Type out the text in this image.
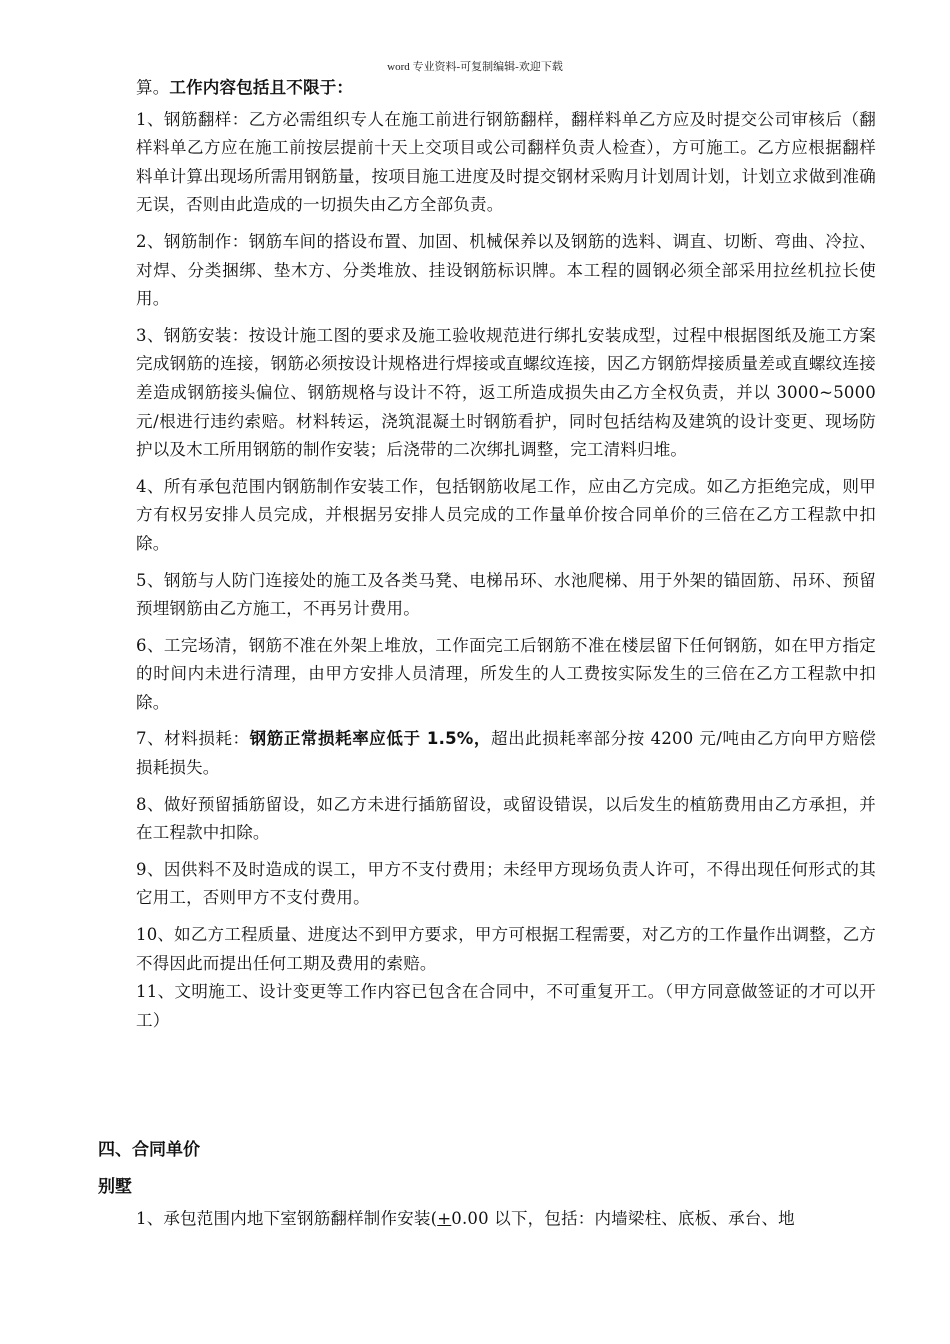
word 专业资料-可复制编辑-欢迎下载

算。工作内容包括且不限于：

1、钢筋翻样：乙方必需组织专人在施工前进行钢筋翻样，翻样料单乙方应及时提交公司审核后（翻样料单乙方应在施工前按层提前十天上交项目或公司翻样负责人检查），方可施工。乙方应根据翻样料单计算出现场所需用钢筋量，按项目施工进度及时提交钢材采购月计划周计划，计划立求做到准确无误，否则由此造成的一切损失由乙方全部负责。

2、钢筋制作：钢筋车间的搭设布置、加固、机械保养以及钢筋的选料、调直、切断、弯曲、冷拉、对焊、分类捆绑、垫木方、分类堆放、挂设钢筋标识牌。本工程的圆钢必须全部采用拉丝机拉长使用。

3、钢筋安装：按设计施工图的要求及施工验收规范进行绑扎安装成型，过程中根据图纸及施工方案完成钢筋的连接，钢筋必须按设计规格进行焊接或直螺纹连接，因乙方钢筋焊接质量差或直螺纹连接差造成钢筋接头偏位、钢筋规格与设计不符，返工所造成损失由乙方全权负责，并以 3000~5000 元/根进行违约索赔。材料转运，浇筑混凝土时钢筋看护，同时包括结构及建筑的设计变更、现场防护以及木工所用钢筋的制作安装；后浇带的二次绑扎调整，完工清料归堆。

4、所有承包范围内钢筋制作安装工作，包括钢筋收尾工作，应由乙方完成。如乙方拒绝完成，则甲方有权另安排人员完成，并根据另安排人员完成的工作量单价按合同单价的三倍在乙方工程款中扣除。

5、钢筋与人防门连接处的施工及各类马凳、电梯吊环、水池爬梯、用于外架的锚固筋、吊环、预留预埋钢筋由乙方施工，不再另计费用。

6、工完场清，钢筋不准在外架上堆放，工作面完工后钢筋不准在楼层留下任何钢筋，如在甲方指定的时间内未进行清理，由甲方安排人员清理，所发生的人工费按实际发生的三倍在乙方工程款中扣除。

7、材料损耗：钢筋正常损耗率应低于 1.5%，超出此损耗率部分按 4200 元/吨由乙方向甲方赔偿损耗损失。

8、做好预留插筋留设，如乙方未进行插筋留设，或留设错误，以后发生的植筋费用由乙方承担，并在工程款中扣除。

9、因供料不及时造成的误工，甲方不支付费用；未经甲方现场负责人许可，不得出现任何形式的其它用工，否则甲方不支付费用。

10、如乙方工程质量、进度达不到甲方要求，甲方可根据工程需要，对乙方的工作量作出调整，乙方不得因此而提出任何工期及费用的索赔。

11、文明施工、设计变更等工作内容已包含在合同中，不可重复开工。（甲方同意做签证的才可以开工）

四、合同单价
别墅

1、承包范围内地下室钢筋翻样制作安装(+0.00 以下，包括：内墙梁柱、底板、承台、地
